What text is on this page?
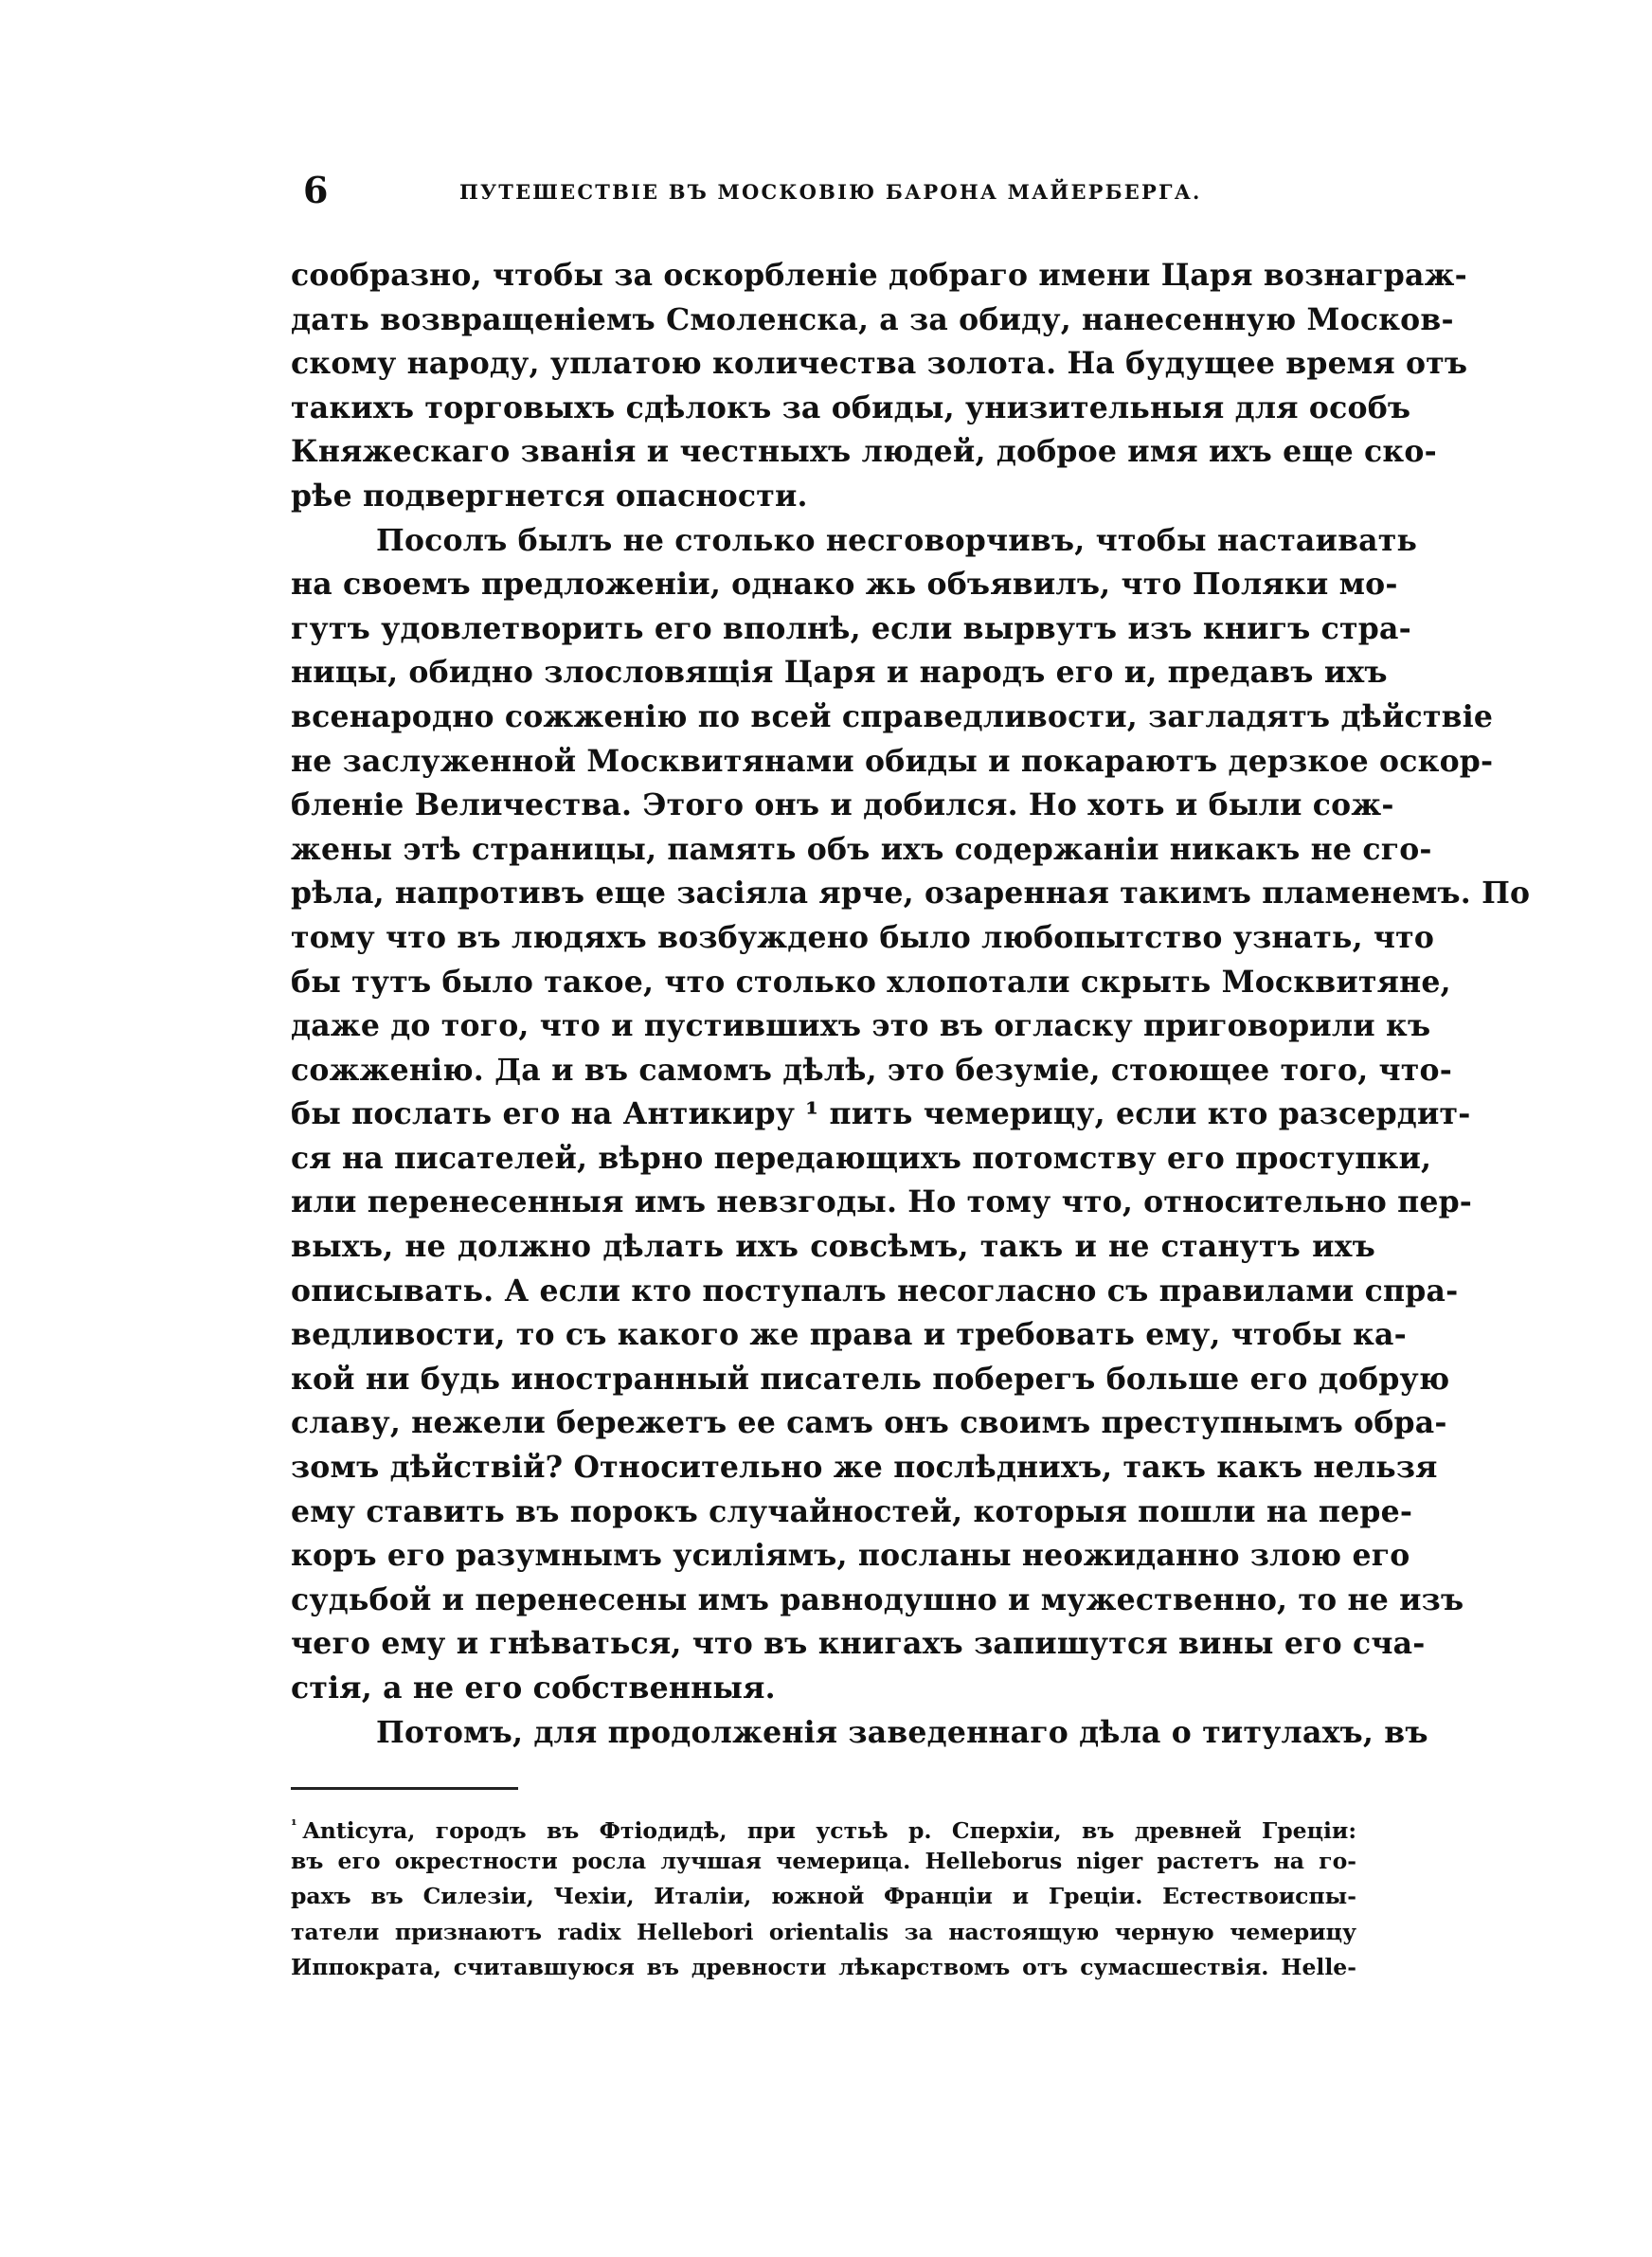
6	ПУТЕШЕСТВІЕ ВЪ МОСКОВІЮ БАРОНА МАЙЕРБЕРГА.
сообразно, чтобы за оскорбленіе добраго имени Царя вознаграж-
дать возвращеніемъ Смоленска, а за обиду, нанесенную Москов-
скому народу, уплатою количества золота. На будущее время отъ
такихъ торговыхъ сдѣлокъ за обиды, унизительныя для особъ
Княжескаго званія и честныхъ людей, доброе имя ихъ еще ско-
рѣе подвергнется опасности.
Посолъ былъ не столько несговорчивъ, чтобы настаивать
на своемъ предложеніи, однако жь объявилъ, что Поляки мо-
гутъ удовлетворить его вполнѣ, если вырвутъ изъ книгъ стра-
ницы, обидно злословящія Царя и народъ его и, предавъ ихъ
всенародно сожженію по всей справедливости, загладятъ дѣйствіе
не заслуженной Москвитянами обиды и покараютъ дерзкое оскор-
бленіе Величества. Этого онъ и добился. Но хоть и были сож-
жены этѣ страницы, память объ ихъ содержаніи никакъ не сго-
рѣла, напротивъ еще засіяла ярче, озаренная такимъ пламенемъ. По
тому что въ людяхъ возбуждено было любопытство узнать, что
бы тутъ было такое, что столько хлопотали скрыть Москвитяне,
даже до того, что и пустившихъ это въ огласку приговорили къ
сожженію. Да и въ самомъ дѣлѣ, это безуміе, стоющее того, что-
бы послать его на Антикиру ¹ пить чемерицу, если кто разсердит-
ся на писателей, вѣрно передающихъ потомству его проступки,
или перенесенныя имъ невзгоды. Но тому что, относительно пер-
выхъ, не должно дѣлать ихъ совсѣмъ, такъ и не станутъ ихъ
описывать. А если кто поступалъ несогласно съ правилами спра-
ведливости, то съ какого же права и требовать ему, чтобы ка-
кой ни будь иностранный писатель поберегъ больше его добрую
славу, нежели бережетъ ее самъ онъ своимъ преступнымъ обра-
зомъ дѣйствій? Относительно же послѣднихъ, такъ какъ нельзя
ему ставить въ порокъ случайностей, которыя пошли на пере-
коръ его разумнымъ усиліямъ, посланы неожиданно злою его
судьбой и перенесены имъ равнодушно и мужественно, то не изъ
чего ему и гнѣваться, что въ книгахъ запишутся вины его сча-
стія, а не его собственныя.
Потомъ, для продолженія заведеннаго дѣла о титулахъ, въ
$^{^1}$ Anticyra, городъ въ Фтіодидѣ, при устьѣ р. Сперхіи, въ древней Греціи:
въ его окрестности росла лучшая чемерица. Helleborus niger растетъ на го-
рахъ въ Силезіи, Чехіи, Италіи, южной Франціи и Греціи. Естествоиспы-
татели признаютъ radix Hellebori orientalis за настоящую черную чемерицу
Иппократа, считавшуюся въ древности лѣкарствомъ отъ сумасшествія. Helle-
